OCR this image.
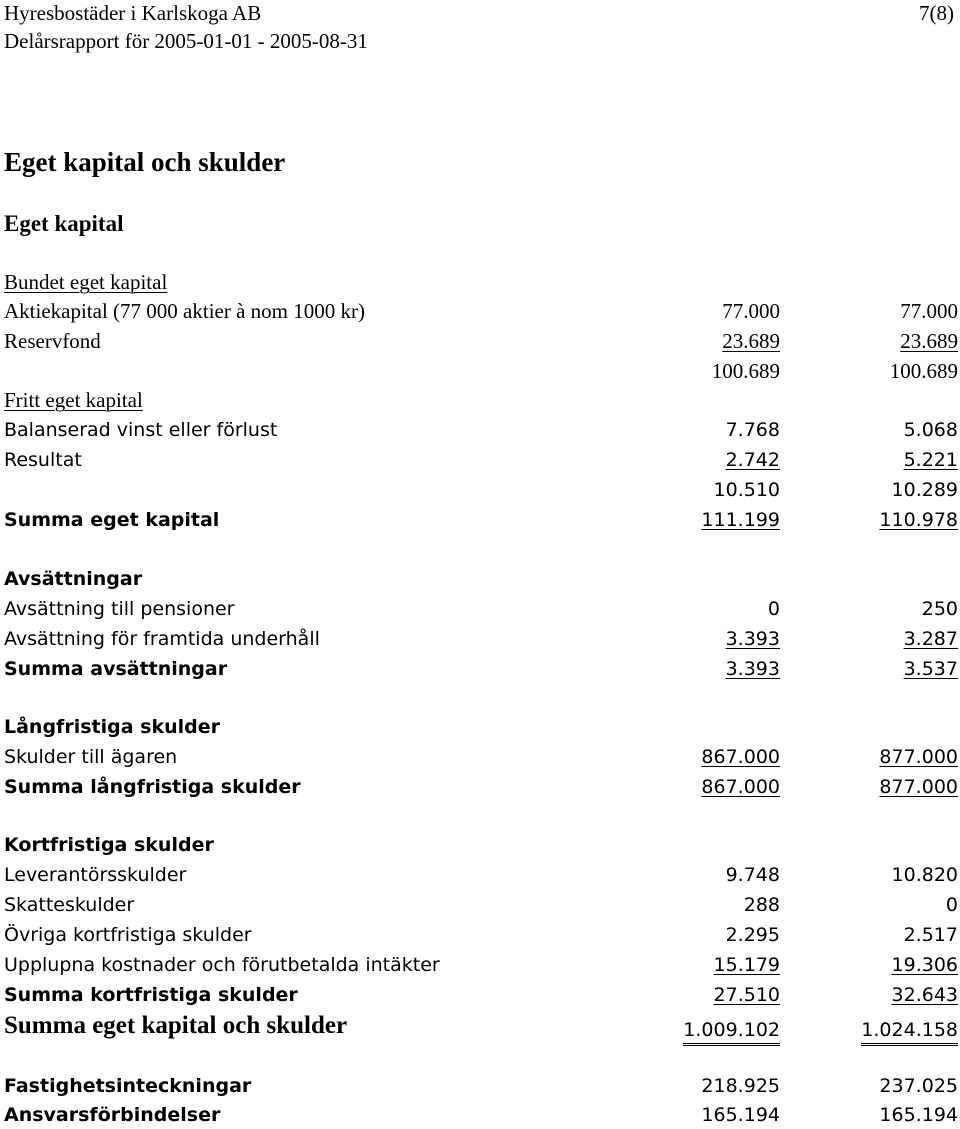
Hyresbostäder i Karlskoga AB	7(8)
Delårsrapport för 2005-01-01 - 2005-08-31
Eget kapital och skulder
Eget kapital
Bundet eget kapital
Aktiekapital (77 000 aktier à nom 1000 kr)	77.000	77.000
Reservfond	23.689	23.689
100.689	100.689
Fritt eget kapital
Balanserad vinst eller förlust	7.768	5.068
Resultat	2.742	5.221
10.510	10.289
Summa eget kapital	111.199	110.978
Avsättningar
Avsättning till pensioner	0	250
Avsättning för framtida underhåll	3.393	3.287
Summa avsättningar	3.393	3.537
Långfristiga skulder
Skulder till ägaren	867.000	877.000
Summa långfristiga skulder	867.000	877.000
Kortfristiga skulder
Leverantörsskulder	9.748	10.820
Skatteskulder	288	0
Övriga kortfristiga skulder	2.295	2.517
Upplupna kostnader och förutbetalda intäkter	15.179	19.306
Summa kortfristiga skulder	27.510	32.643
Summa eget kapital och skulder	1.009.102	1.024.158
Fastighetsinteckningar	218.925	237.025
Ansvarsförbindelser	165.194	165.194
